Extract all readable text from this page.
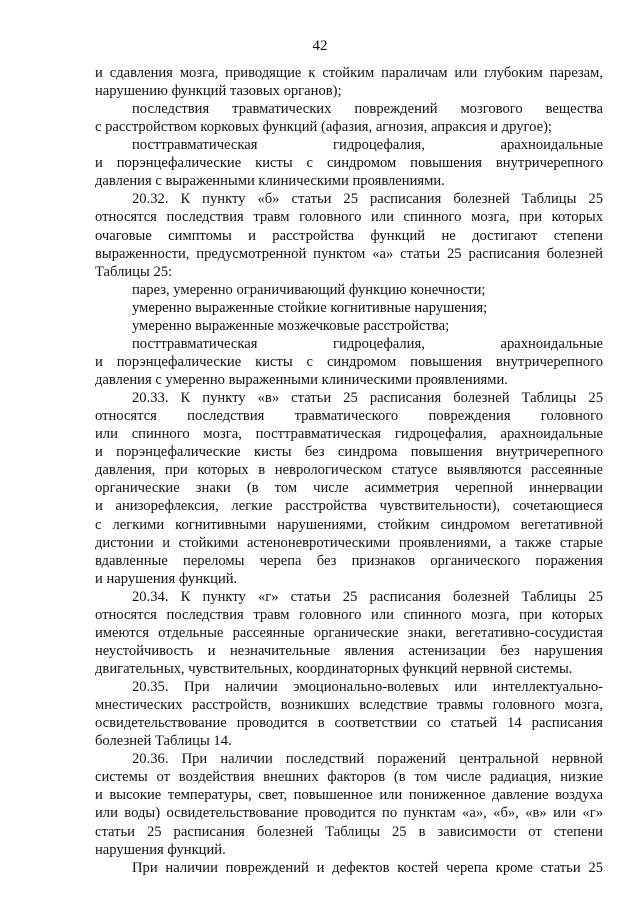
42
и сдавления мозга, приводящие к стойким параличам или глубоким парезам,
нарушению функций тазовых органов);
последствия травматических повреждений мозгового вещества
с расстройством корковых функций (афазия, агнозия, апраксия и другое);
посттравматическая гидроцефалия, арахноидальные
и порэнцефалические кисты с синдромом повышения внутричерепного
давления с выраженными клиническими проявлениями.
20.32. К пункту «б» статьи 25 расписания болезней Таблицы 25
относятся последствия травм головного или спинного мозга, при которых
очаговые симптомы и расстройства функций не достигают степени
выраженности, предусмотренной пунктом «а» статьи 25 расписания болезней
Таблицы 25:
парез, умеренно ограничивающий функцию конечности;
умеренно выраженные стойкие когнитивные нарушения;
умеренно выраженные мозжечковые расстройства;
посттравматическая гидроцефалия, арахноидальные
и порэнцефалические кисты с синдромом повышения внутричерепного
давления с умеренно выраженными клиническими проявлениями.
20.33. К пункту «в» статьи 25 расписания болезней Таблицы 25
относятся последствия травматического повреждения головного
или спинного мозга, посттравматическая гидроцефалия, арахноидальные
и порэнцефалические кисты без синдрома повышения внутричерепного
давления, при которых в неврологическом статусе выявляются рассеянные
органические знаки (в том числе асимметрия черепной иннервации
и анизорефлексия, легкие расстройства чувствительности), сочетающиеся
с легкими когнитивными нарушениями, стойким синдромом вегетативной
дистонии и стойкими астеноневротическими проявлениями, а также старые
вдавленные переломы черепа без признаков органического поражения
и нарушения функций.
20.34. К пункту «г» статьи 25 расписания болезней Таблицы 25
относятся последствия травм головного или спинного мозга, при которых
имеются отдельные рассеянные органические знаки, вегетативно-сосудистая
неустойчивость и незначительные явления астенизации без нарушения
двигательных, чувствительных, координаторных функций нервной системы.
20.35. При наличии эмоционально-волевых или интеллектуально-
мнестических расстройств, возникших вследствие травмы головного мозга,
освидетельствование проводится в соответствии со статьей 14 расписания
болезней Таблицы 14.
20.36. При наличии последствий поражений центральной нервной
системы от воздействия внешних факторов (в том числе радиация, низкие
и высокие температуры, свет, повышенное или пониженное давление воздуха
или воды) освидетельствование проводится по пунктам «а», «б», «в» или «г»
статьи 25 расписания болезней Таблицы 25 в зависимости от степени
нарушения функций.
При наличии повреждений и дефектов костей черепа кроме статьи 25
